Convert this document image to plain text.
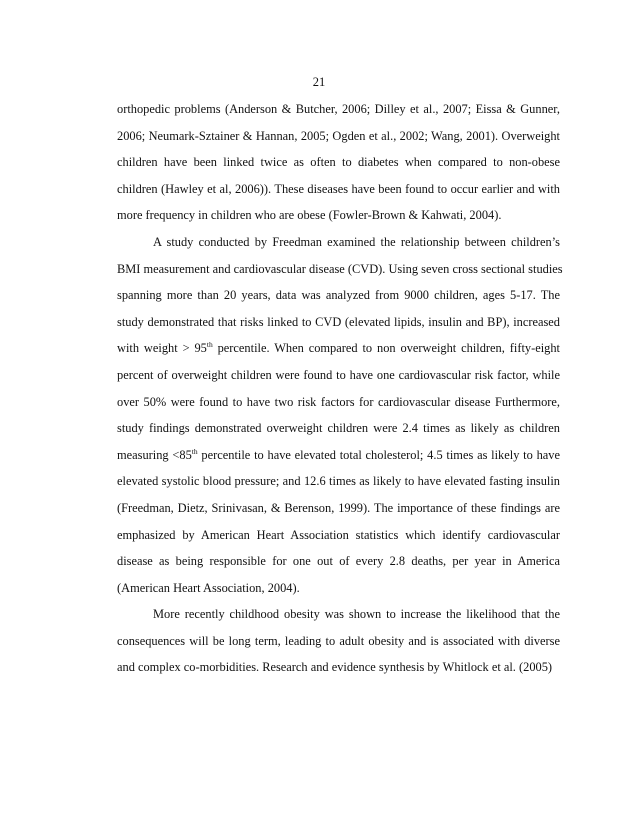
21
orthopedic problems (Anderson & Butcher, 2006; Dilley et al., 2007; Eissa & Gunner,
2006; Neumark-Sztainer & Hannan, 2005; Ogden et al., 2002; Wang, 2001). Overweight
children have been linked twice as often to diabetes when compared to non-obese
children (Hawley et al, 2006)). These diseases have been found to occur earlier and with
more frequency in children who are obese (Fowler-Brown & Kahwati, 2004).
A study conducted by Freedman examined the relationship between children’s
BMI measurement and cardiovascular disease (CVD). Using seven cross sectional studies
spanning more than 20 years, data was analyzed from 9000 children, ages 5-17. The
study demonstrated that risks linked to CVD (elevated lipids, insulin and BP), increased
with weight > 95th percentile. When compared to non overweight children, fifty-eight
percent of overweight children were found to have one cardiovascular risk factor, while
over 50% were found to have two risk factors for cardiovascular disease Furthermore,
study findings demonstrated overweight children were 2.4 times as likely as children
measuring <85th percentile to have elevated total cholesterol; 4.5 times as likely to have
elevated systolic blood pressure; and 12.6 times as likely to have elevated fasting insulin
(Freedman, Dietz, Srinivasan, & Berenson, 1999). The importance of these findings are
emphasized by American Heart Association statistics which identify cardiovascular
disease as being responsible for one out of every 2.8 deaths, per year in America
(American Heart Association, 2004).
More recently childhood obesity was shown to increase the likelihood that the
consequences will be long term, leading to adult obesity and is associated with diverse
and complex co-morbidities. Research and evidence synthesis by Whitlock et al. (2005)
